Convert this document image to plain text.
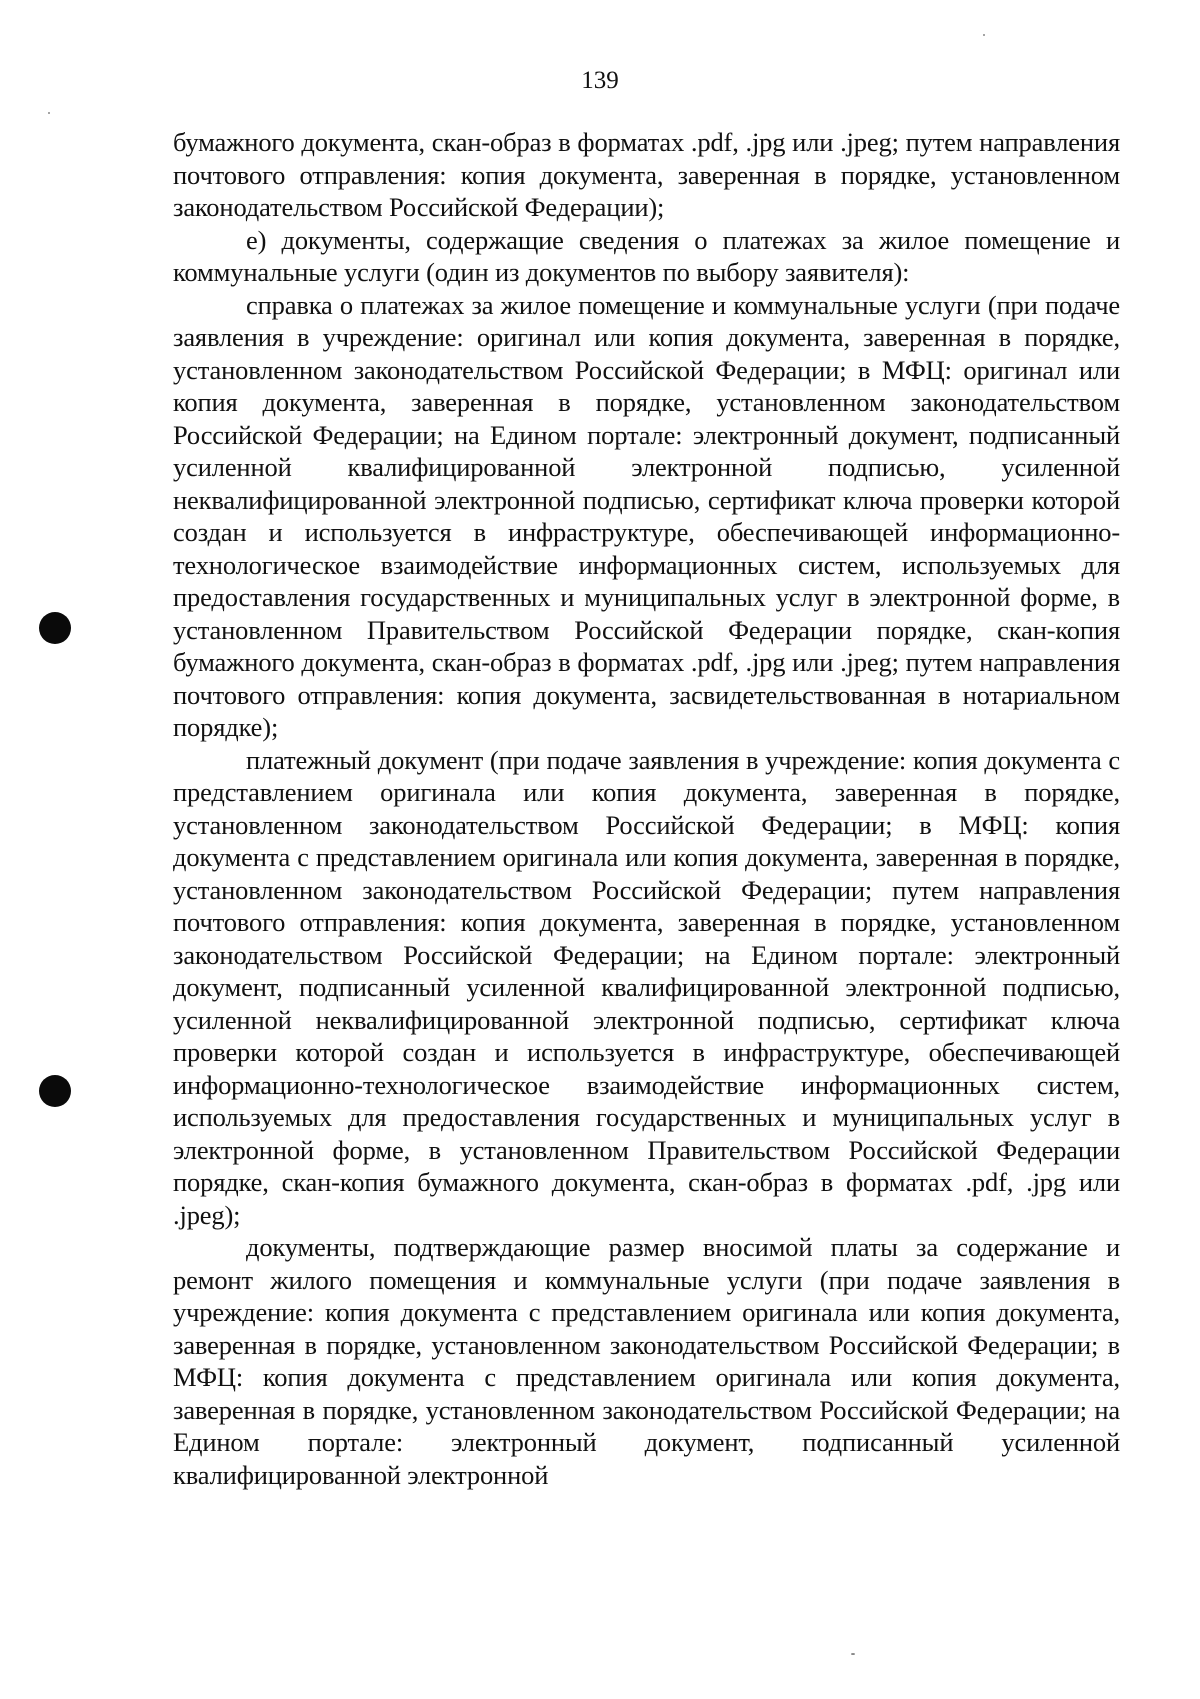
139

бумажного документа, скан-образ в форматах .pdf, .jpg или .jpeg; путем направления почтового отправления: копия документа, заверенная в порядке, установленном законодательством Российской Федерации);

е) документы, содержащие сведения о платежах за жилое помещение и коммунальные услуги (один из документов по выбору заявителя):

справка о платежах за жилое помещение и коммунальные услуги (при подаче заявления в учреждение: оригинал или копия документа, заверенная в порядке, установленном законодательством Российской Федерации; в МФЦ: оригинал или копия документа, заверенная в порядке, установленном законодательством Российской Федерации; на Едином портале: электронный документ, подписанный усиленной квалифицированной электронной подписью, усиленной неквалифицированной электронной подписью, сертификат ключа проверки которой создан и используется в инфраструктуре, обеспечивающей информационно-технологическое взаимодействие информационных систем, используемых для предоставления государственных и муниципальных услуг в электронной форме, в установленном Правительством Российской Федерации порядке, скан-копия бумажного документа, скан-образ в форматах .pdf, .jpg или .jpeg; путем направления почтового отправления: копия документа, засвидетельствованная в нотариальном порядке);

платежный документ (при подаче заявления в учреждение: копия документа с представлением оригинала или копия документа, заверенная в порядке, установленном законодательством Российской Федерации; в МФЦ: копия документа с представлением оригинала или копия документа, заверенная в порядке, установленном законодательством Российской Федерации; путем направления почтового отправления: копия документа, заверенная в порядке, установленном законодательством Российской Федерации; на Едином портале: электронный документ, подписанный усиленной квалифицированной электронной подписью, усиленной неквалифицированной электронной подписью, сертификат ключа проверки которой создан и используется в инфраструктуре, обеспечивающей информационно-технологическое взаимодействие информационных систем, используемых для предоставления государственных и муниципальных услуг в электронной форме, в установленном Правительством Российской Федерации порядке, скан-копия бумажного документа, скан-образ в форматах .pdf, .jpg или .jpeg);

документы, подтверждающие размер вносимой платы за содержание и ремонт жилого помещения и коммунальные услуги (при подаче заявления в учреждение: копия документа с представлением оригинала или копия документа, заверенная в порядке, установленном законодательством Российской Федерации; в МФЦ: копия документа с представлением оригинала или копия документа, заверенная в порядке, установленном законодательством Российской Федерации; на Едином портале: электронный документ, подписанный усиленной квалифицированной электронной
